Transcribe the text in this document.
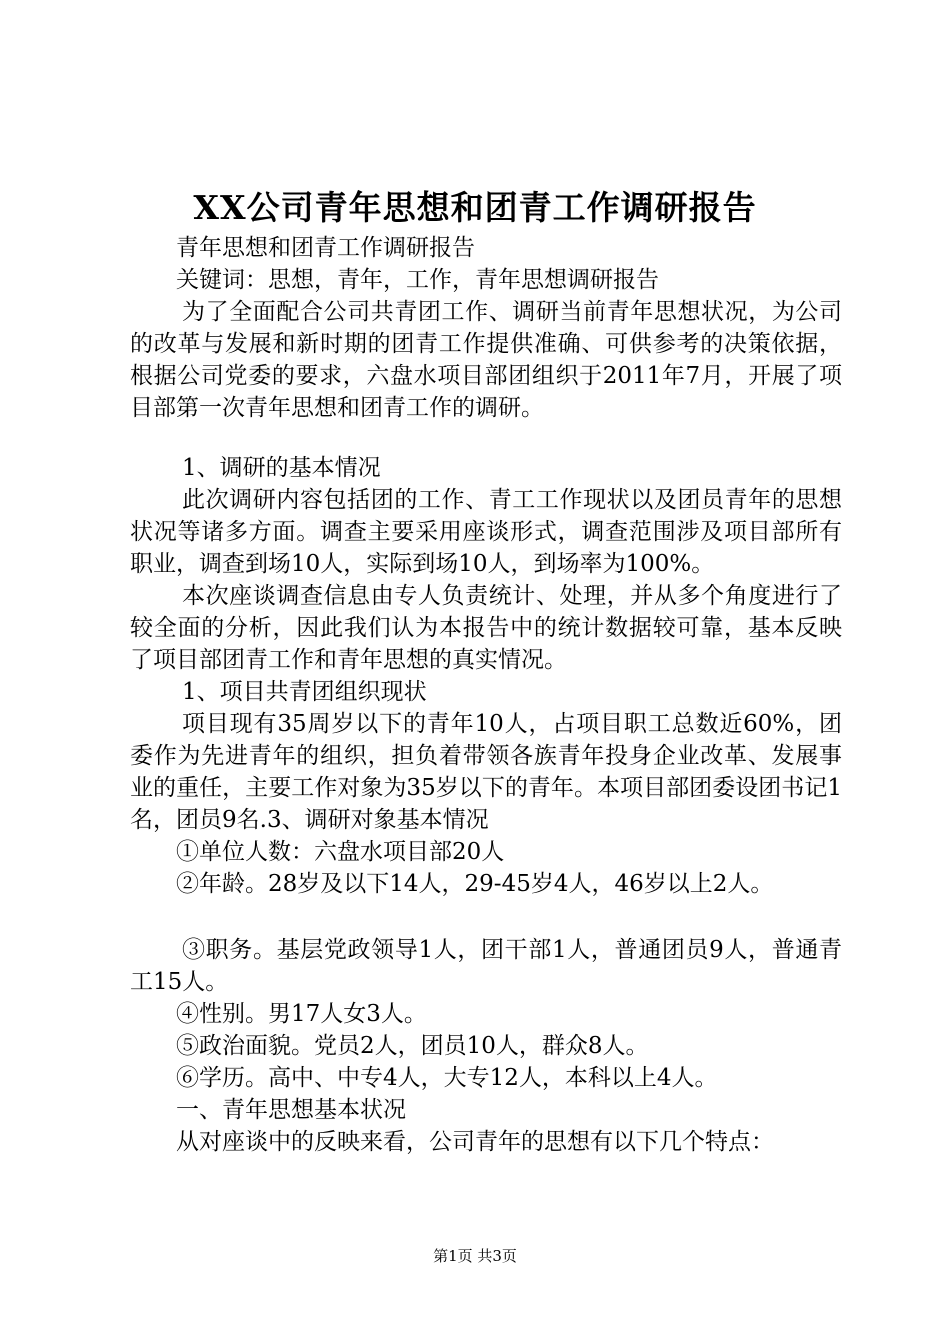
XX公司青年思想和团青工作调研报告

青年思想和团青工作调研报告

关键词：思想，青年，工作，青年思想调研报告

为了全面配合公司共青团工作、调研当前青年思想状况，为公司的改革与发展和新时期的团青工作提供准确、可供参考的决策依据，根据公司党委的要求，六盘水项目部团组织于2011年7月，开展了项目部第一次青年思想和团青工作的调研。

1、调研的基本情况

此次调研内容包括团的工作、青工工作现状以及团员青年的思想状况等诸多方面。调查主要采用座谈形式，调查范围涉及项目部所有职业，调查到场10人，实际到场10人，到场率为100%。

本次座谈调查信息由专人负责统计、处理，并从多个角度进行了较全面的分析，因此我们认为本报告中的统计数据较可靠，基本反映了项目部团青工作和青年思想的真实情况。

1、项目共青团组织现状

项目现有35周岁以下的青年10人，占项目职工总数近60%，团委作为先进青年的组织，担负着带领各族青年投身企业改革、发展事业的重任，主要工作对象为35岁以下的青年。本项目部团委设团书记1名，团员9名.3、调研对象基本情况

①单位人数：六盘水项目部20人

②年龄。28岁及以下14人，29-45岁4人，46岁以上2人。

③职务。基层党政领导1人，团干部1人，普通团员9人，普通青工15人。

④性别。男17人女3人。

⑤政治面貌。党员2人，团员10人，群众8人。

⑥学历。高中、中专4人，大专12人，本科以上4人。

一、青年思想基本状况

从对座谈中的反映来看，公司青年的思想有以下几个特点：

第1页 共3页
